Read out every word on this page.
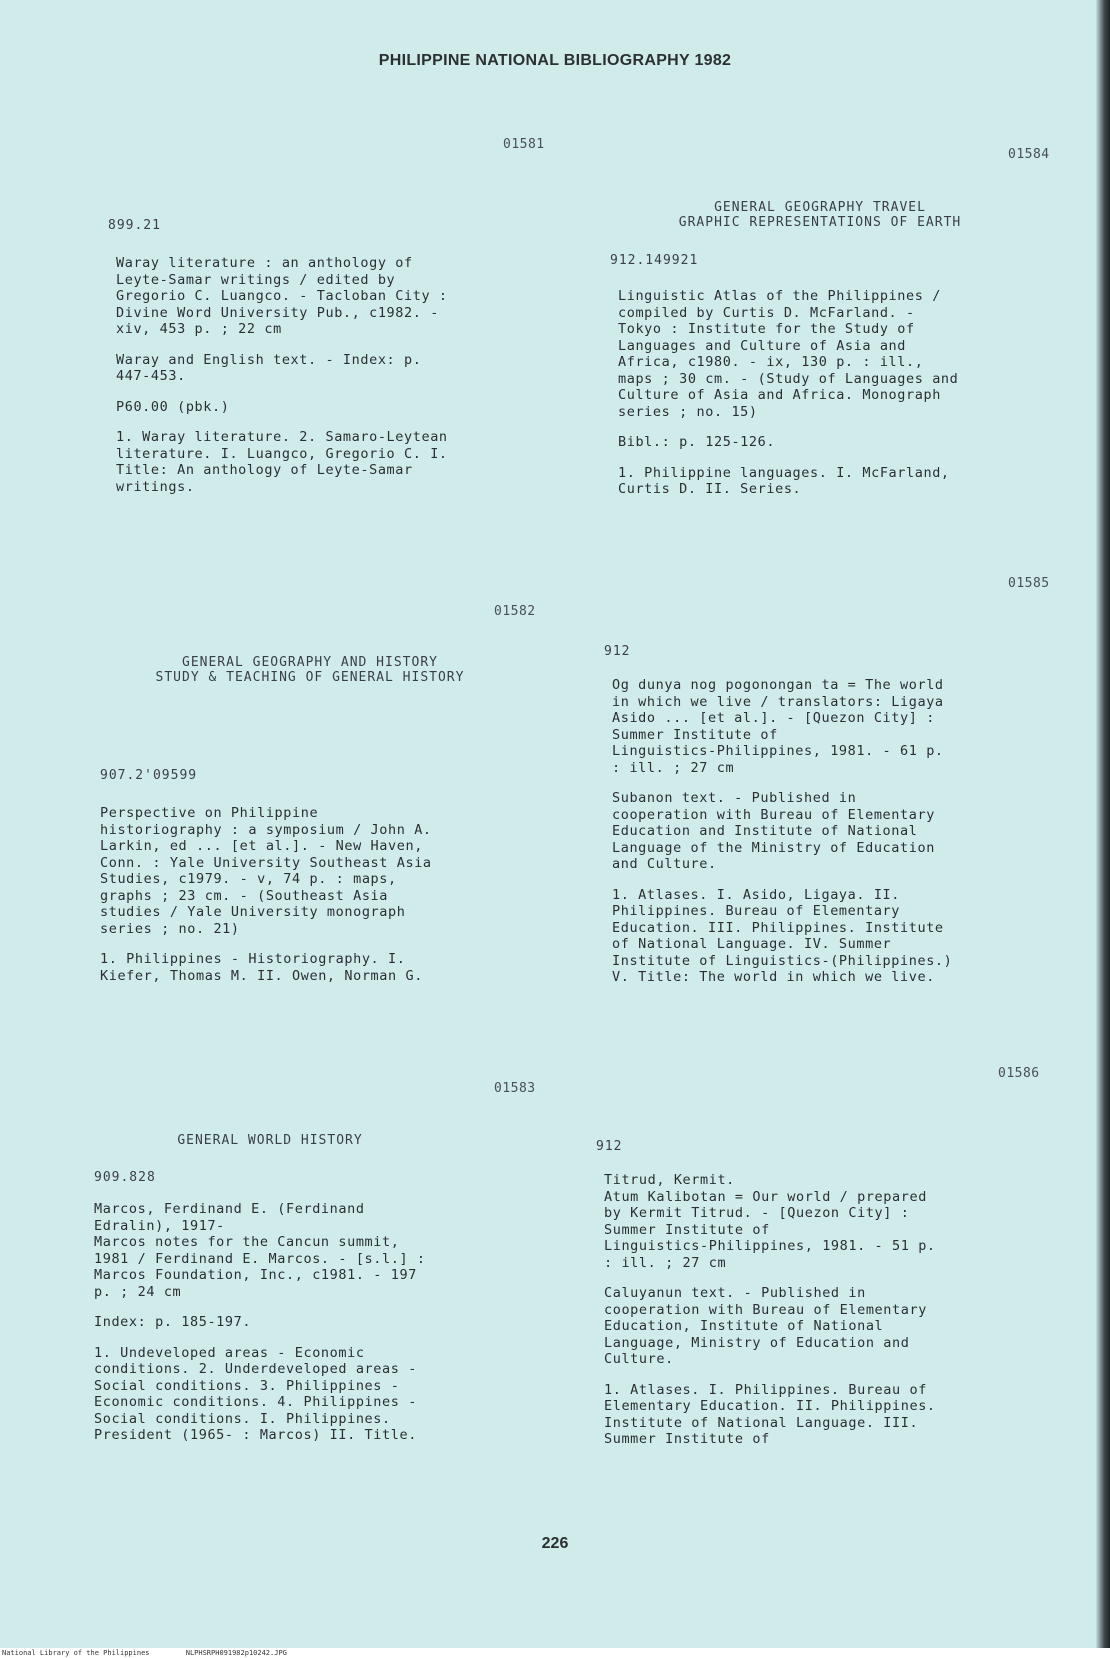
PHILIPPINE NATIONAL BIBLIOGRAPHY 1982
01581
899.21
Waray literature : an anthology of
Leyte-Samar writings / edited by
Gregorio C. Luangco. - Tacloban City :
Divine Word University Pub., c1982. -
xiv, 453 p. ; 22 cm
Waray and English text. - Index: p.
447-453.
P60.00 (pbk.)
1. Waray literature. 2. Samaro-Leytean
literature. I. Luangco, Gregorio C. I.
Title: An anthology of Leyte-Samar
writings.
01582
GENERAL GEOGRAPHY AND HISTORY
STUDY & TEACHING OF GENERAL HISTORY
907.2'09599
Perspective on Philippine
historiography : a symposium / John A.
Larkin, ed ... [et al.]. - New Haven,
Conn. : Yale University Southeast Asia
Studies, c1979. - v, 74 p. : maps,
graphs ; 23 cm. - (Southeast Asia
studies / Yale University monograph
series ; no. 21)
1. Philippines - Historiography. I.
Kiefer, Thomas M. II. Owen, Norman G.
01583
GENERAL WORLD HISTORY
909.828
Marcos, Ferdinand E. (Ferdinand
Edralin), 1917-
Marcos notes for the Cancun summit,
1981 / Ferdinand E. Marcos. - [s.l.] :
Marcos Foundation, Inc., c1981. - 197
p. ; 24 cm
Index: p. 185-197.
1. Undeveloped areas - Economic
conditions. 2. Underdeveloped areas -
Social conditions. 3. Philippines -
Economic conditions. 4. Philippines -
Social conditions. I. Philippines.
President (1965- : Marcos) II. Title.
01584
GENERAL GEOGRAPHY TRAVEL
GRAPHIC REPRESENTATIONS OF EARTH
912.149921
Linguistic Atlas of the Philippines /
compiled by Curtis D. McFarland. -
Tokyo : Institute for the Study of
Languages and Culture of Asia and
Africa, c1980. - ix, 130 p. : ill.,
maps ; 30 cm. - (Study of Languages and
Culture of Asia and Africa. Monograph
series ; no. 15)
Bibl.: p. 125-126.
1. Philippine languages. I. McFarland,
Curtis D. II. Series.
01585
912
Og dunya nog pogonongan ta = The world
in which we live / translators: Ligaya
Asido ... [et al.]. - [Quezon City] :
Summer Institute of
Linguistics-Philippines, 1981. - 61 p.
: ill. ; 27 cm
Subanon text. - Published in
cooperation with Bureau of Elementary
Education and Institute of National
Language of the Ministry of Education
and Culture.
1. Atlases. I. Asido, Ligaya. II.
Philippines. Bureau of Elementary
Education. III. Philippines. Institute
of National Language. IV. Summer
Institute of Linguistics-(Philippines.)
V. Title: The world in which we live.
01586
912
Titrud, Kermit.
Atum Kalibotan = Our world / prepared
by Kermit Titrud. - [Quezon City] :
Summer Institute of
Linguistics-Philippines, 1981. - 51 p.
: ill. ; 27 cm
Caluyanun text. - Published in
cooperation with Bureau of Elementary
Education, Institute of National
Language, Ministry of Education and
Culture.
1. Atlases. I. Philippines. Bureau of
Elementary Education. II. Philippines.
Institute of National Language. III.
Summer Institute of
226
National Library of the Philippines	NLPHSRPH091982p10242.JPG
